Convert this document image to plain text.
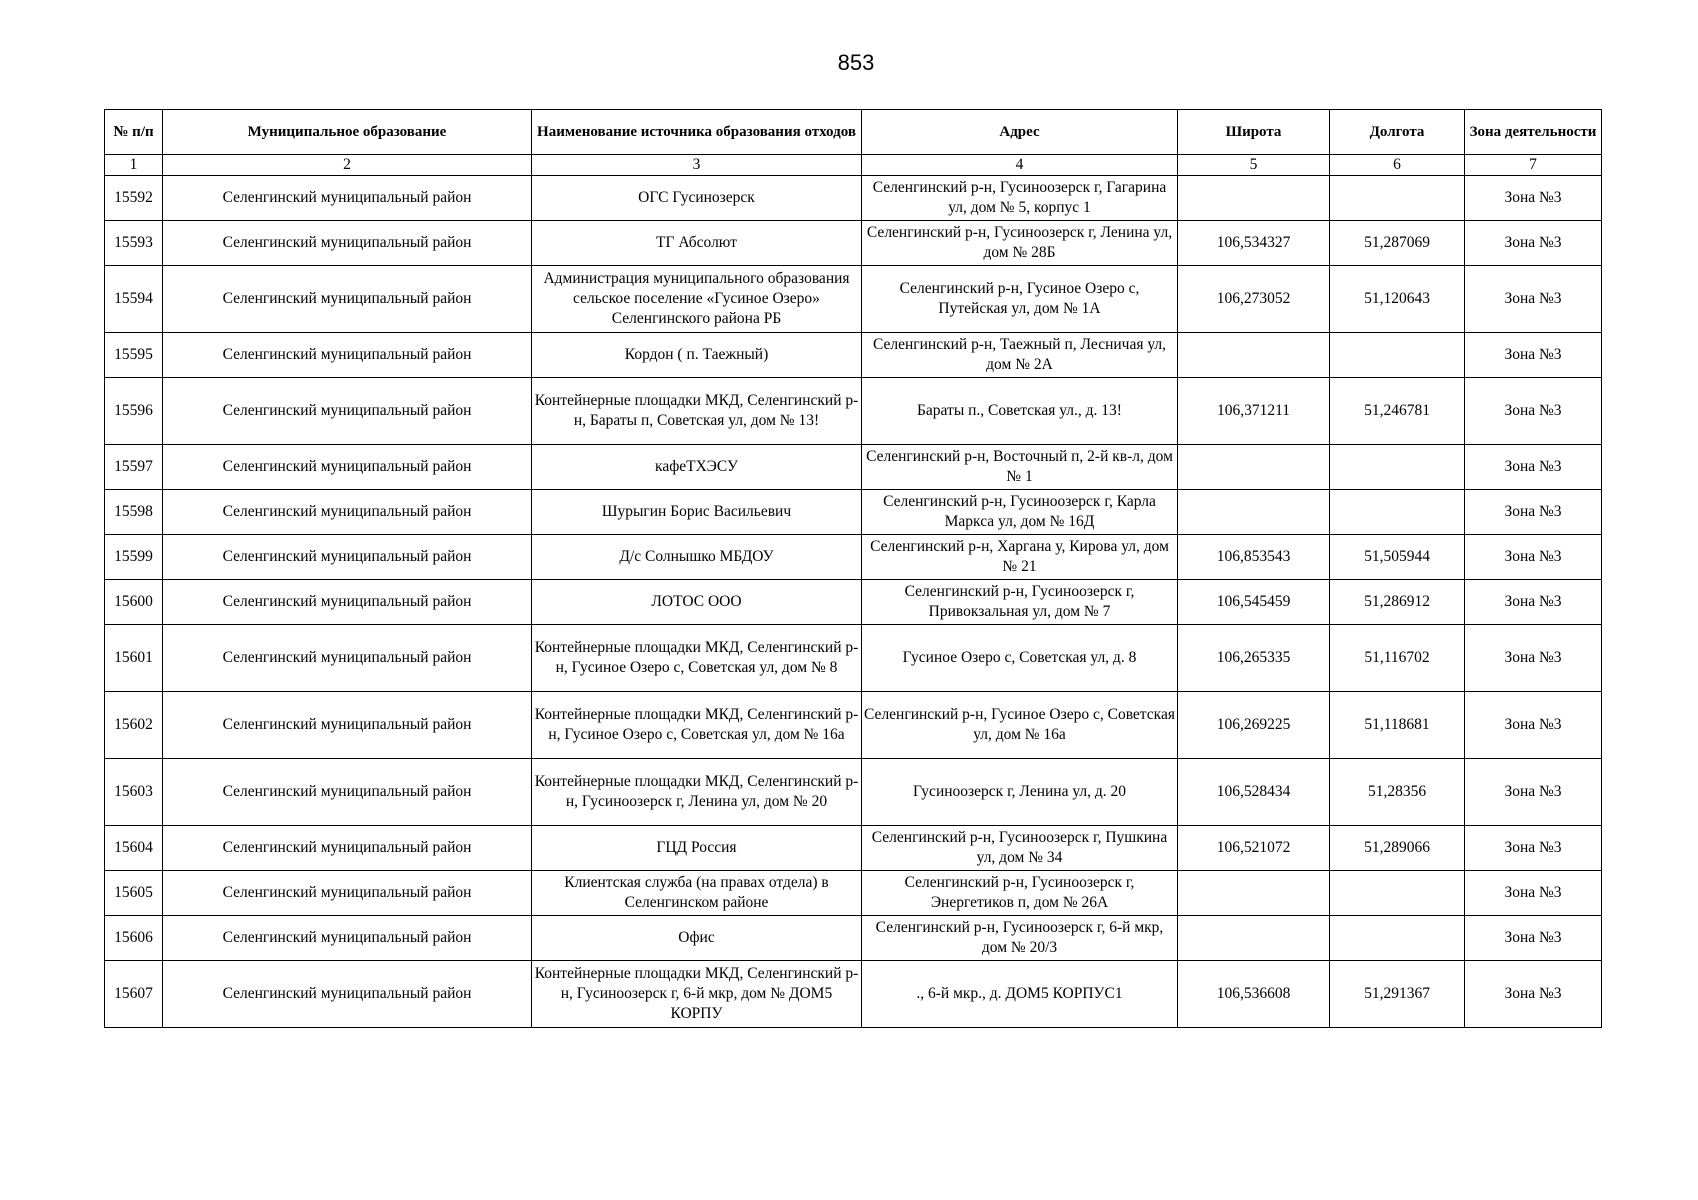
853
№ п/п	Муниципальное образование	Наименование источника образования отходов	Адрес	Широта	Долгота	Зона деятельности
1	2	3	4	5	6	7
15592	Селенгинский муниципальный район	ОГС Гусинозерск	Селенгинский р-н, Гусиноозерск г, Гагарина ул, дом № 5, корпус 1			Зона №3
15593	Селенгинский муниципальный район	ТГ Абсолют	Селенгинский р-н, Гусиноозерск г, Ленина ул, дом № 28Б	106,534327	51,287069	Зона №3
15594	Селенгинский муниципальный район	Администрация муниципального образования сельское поселение «Гусиное Озеро» Селенгинского района РБ	Селенгинский р-н, Гусиное Озеро с, Путейская ул, дом № 1А	106,273052	51,120643	Зона №3
15595	Селенгинский муниципальный район	Кордон ( п. Таежный)	Селенгинский р-н, Таежный п, Лесничая ул, дом № 2А			Зона №3
15596	Селенгинский муниципальный район	Контейнерные площадки МКД, Селенгинский р-н, Бараты п, Советская ул, дом № 13!	Бараты п., Советская ул., д. 13!	106,371211	51,246781	Зона №3
15597	Селенгинский муниципальный район	кафеТХЭСУ	Селенгинский р-н, Восточный п, 2-й кв-л, дом № 1			Зона №3
15598	Селенгинский муниципальный район	Шурыгин Борис Васильевич	Селенгинский р-н, Гусиноозерск г, Карла Маркса ул, дом № 16Д			Зона №3
15599	Селенгинский муниципальный район	Д/с Солнышко МБДОУ	Селенгинский р-н, Харгана у, Кирова ул, дом № 21	106,853543	51,505944	Зона №3
15600	Селенгинский муниципальный район	ЛОТОС ООО	Селенгинский р-н, Гусиноозерск г, Привокзальная ул, дом № 7	106,545459	51,286912	Зона №3
15601	Селенгинский муниципальный район	Контейнерные площадки МКД, Селенгинский р-н, Гусиное Озеро с, Советская ул, дом № 8	Гусиное Озеро с, Советская ул, д. 8	106,265335	51,116702	Зона №3
15602	Селенгинский муниципальный район	Контейнерные площадки МКД, Селенгинский р-н, Гусиное Озеро с, Советская ул, дом № 16а	Селенгинский р-н, Гусиное Озеро с, Советская ул, дом № 16а	106,269225	51,118681	Зона №3
15603	Селенгинский муниципальный район	Контейнерные площадки МКД, Селенгинский р-н, Гусиноозерск г, Ленина ул, дом № 20	Гусиноозерск г, Ленина ул, д. 20	106,528434	51,28356	Зона №3
15604	Селенгинский муниципальный район	ГЦД Россия	Селенгинский р-н, Гусиноозерск г, Пушкина ул, дом № 34	106,521072	51,289066	Зона №3
15605	Селенгинский муниципальный район	Клиентская служба (на правах отдела) в Селенгинском районе	Селенгинский р-н, Гусиноозерск г, Энергетиков п, дом № 26А			Зона №3
15606	Селенгинский муниципальный район	Офис	Селенгинский р-н, Гусиноозерск г, 6-й мкр, дом № 20/3			Зона №3
15607	Селенгинский муниципальный район	Контейнерные площадки МКД, Селенгинский р-н, Гусиноозерск г, 6-й мкр, дом № ДОМ5 КОРПУ	., 6-й мкр., д. ДОМ5 КОРПУС1	106,536608	51,291367	Зона №3
